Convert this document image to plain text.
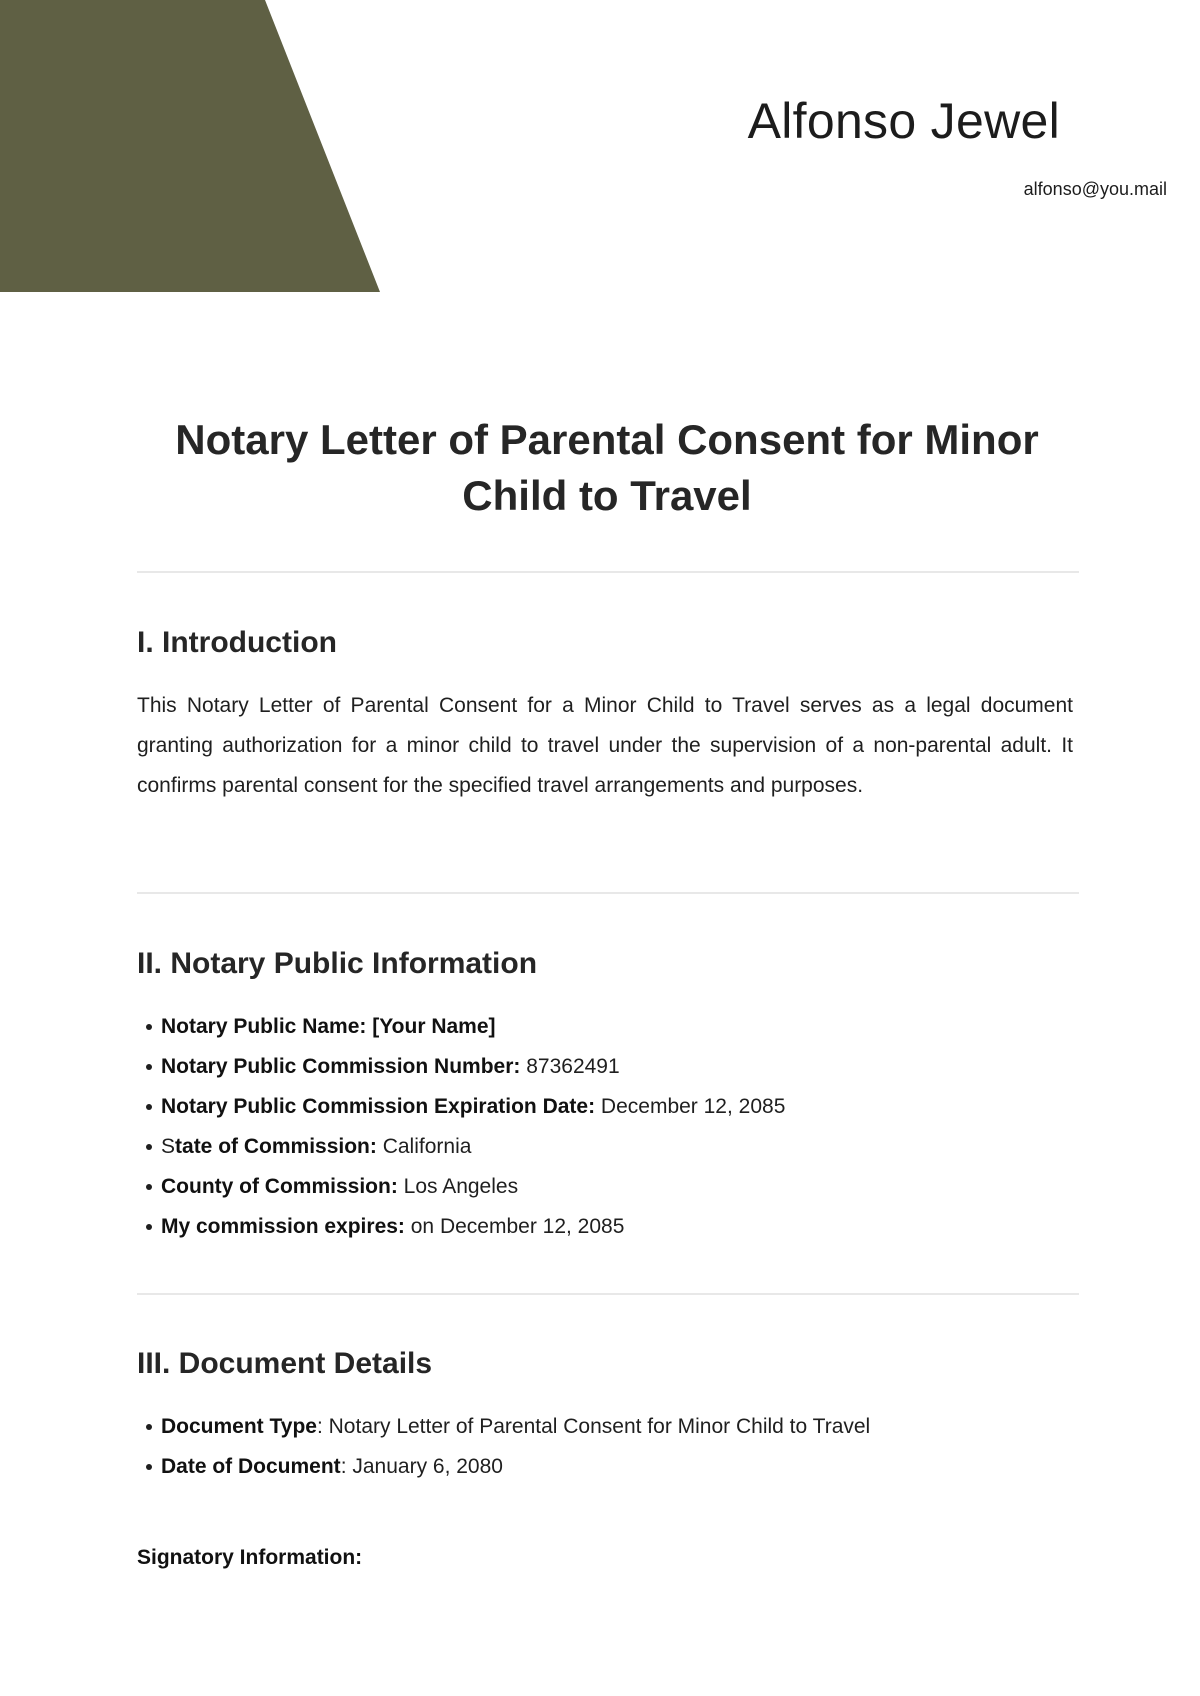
Alfonso Jewel
alfonso@you.mail
Notary Letter of Parental Consent for Minor Child to Travel
I. Introduction

This Notary Letter of Parental Consent for a Minor Child to Travel serves as a legal document granting authorization for a minor child to travel under the supervision of a non-parental adult. It confirms parental consent for the specified travel arrangements and purposes.

II. Notary Public Information
Notary Public Name: [Your Name]
Notary Public Commission Number: 87362491
Notary Public Commission Expiration Date: December 12, 2085
State of Commission: California
County of Commission: Los Angeles
My commission expires: on December 12, 2085
III. Document Details
Document Type: Notary Letter of Parental Consent for Minor Child to Travel
Date of Document: January 6, 2080
Signatory Information:
